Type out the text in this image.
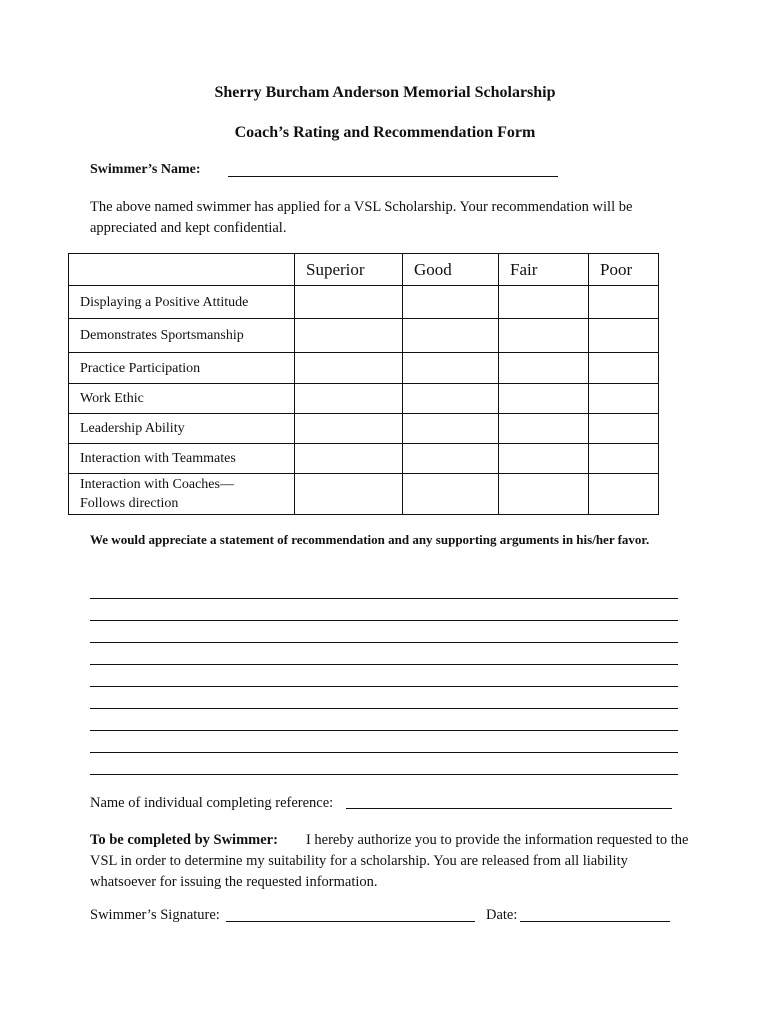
Sherry Burcham Anderson Memorial Scholarship
Coach’s Rating and Recommendation Form
Swimmer’s Name:
The above named swimmer has applied for a VSL Scholarship. Your recommendation will be appreciated and kept confidential.
	Superior	Good	Fair	Poor
Displaying a Positive Attitude				
Demonstrates Sportsmanship				
Practice Participation				
Work Ethic				
Leadership Ability				
Interaction with Teammates				
Interaction with Coaches—
Follows direction				
We would appreciate a statement of recommendation and any supporting arguments in his/her favor.
Name of individual completing reference:
To be completed by Swimmer: I hereby authorize you to provide the information requested to the VSL in order to determine my suitability for a scholarship. You are released from all liability whatsoever for issuing the requested information.
Swimmer’s Signature:	Date:
